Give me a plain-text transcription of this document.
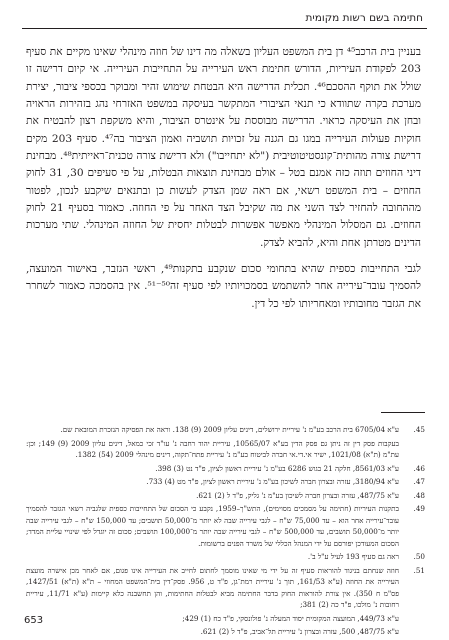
חתימה בשם רשות מקומית

בעניין בית הרכב⁴⁵ דן בית המשפט העליון בשאלה מה דינו של חוזה מינהלי שאינו מקיים את סעיף 203 לפקודת העיריות, הדורש חתימת ראש העירייה על התחייבות העירייה. אי קיום דרישה זו שולל את תוקף ההסכם⁴⁶. תכלית הדרישה היא הבטחת שימוש זהיר ומבוקר בכספי ציבור, יצירת מערכת בקרה שתוודא כי תנאי הציבורי המתקשר בעיסקה במשפט האזרחי נהג בזהירות הראויה ובחן את העיסקה כראוי. הדרישה מבוססת על אינטרס הציבור, והיא משקפת רצון להבטיח את חוקיות פעולות העירייה במגו גם הגנה על זכויות תושביה ואמון הציבור בה⁴⁷. סעיף 203 מקים דרישת צורה מהותית־קונסטיטוטיבית ("לא יתחייבו") ולא דרישת צורה טכנית־ראייתית⁴⁸. מבחינת דיני החוזים תוזה כזה אמנם בטל – אולם מבחינת תוצאות הבטלות, על פי סעיפים 30, 31 לחוק החוזים – בית המשפט רשאי, אם ראה שמן הצדק לעשות כן ובתנאים שיקבע לנכון, לפטור מההחובה להחזיר לצד השני את מה שקיבל הצד האחר על פי החוזה. כאמור בסעיף 21 לחוק החוזים. גם המסלול המינהלי מאפשר אפשרות לבטלות יחסית של החוזה המינהלי. שתי מערכות הדינים מטרתן אחת והיא, להביא לצדק.

לגבי התחייבות כספית שהיא בתחומי סכום שנקבע בתקנות⁴⁹, ראשי הגזבר, באישור המועצה, להסמיך עובד־עירייה אחר להשתמש בסמכויותיו לפי סעיף זה⁵¹⁻⁵⁰. אין בהסמכה כאמור לשחרר את הגזבר מחובותיו ומאחריותו לפי כל דין.

45.
ע"א 6705/04 בית הרכב בע"מ נ' עיריית ירושלים, דינים עליון 2009 (9) 138. וראה את הפסיקה הנזכרת המובאת שם.
בעקבות פסק דין זה ניתן גם פסק הדין בע"א 10565/07, עיריית יהוד רחבה נ' עו"ד זכי כמאל, דינים עליון 2009 (9) 149; וכן: עת"מ (ת"א) 1021/08, ישיר אי.די.אי חברה לביטוח בע"מ נ' עיריית פתח־תקוה, דינים מינהלי 2009 (54) 1382.
46.
ע"א 8561/03, חלקה 21 בגוש 6286 בע"מ נ' עיריית ראשון לציון, פ"ד נט (3) 398.
47.
ע"א 3180/94, עזרה ובצרון חברה לשיכון בע"מ נ' עיריית ראשון לציון, פ"ד מט (4) 733.
48.
ע"א 487/75, עזרה ובצרון חברה לשיכון בע"מ נ' גליק, פ"ד ל (2) 621.
49.
בתקנות העיריות (חתימה על מסמכים מסוימים), התש"ך–1959, נקבע כי הסכום של התחייבות כספית שלגביה רשאי הגזבר להסמיך עובד־עירייה אחר הוא – עד 75,000 ש"ח – לגבי עירייה שבה לא יותר מ־50,000 תושבים; עד 150,000 ש"ח – לגבי עירייה שבה יותר מ־50,000 תושבים, עד 500,000 ש"ח – לגבי עירייה שבה יותר מ־100,000 תושבים; סכום זה יוגדל לפי שינויי עליית המדד; הסכום המעודכן יפורסם על ידי המנהל הכללי של משרד הפנים ברשומות.
50.
ראה גם סעיף 193 לעיל ע"ל ב'.
51.
חוזה שנחתם בניגוד להוראות סעיף זה על ידי מי שאינו מוסמך לחתום לחייב את העירייה אינו פגום, אם לאחר מכן אישרה מועצת העירייה את החוזה (ע"א 161/53, תוך נ' עיריית רמת־גן, פ"ד ט, 956. פסק־דין בית־המשפט המחוזי – ת"א (ת"א) 1427/51, פס"מ ח 350). אין צורת להוראות החוק בדבר החתימה מביא לבטלות החתימות, והן תחשבנה כלא קיימות (ע"א 11/71, עיריית רחובות נ' מולכו, פ"ד כה (2) 381;
ע"א 449/73, המועצה המקומית יסוד המעלה נ' פולונסקי, פ"ד כח (1) 429;
ע"א 487/75, 500, עזרה ובצרון נ' עיריית תל־אביב, פ"ד ל (2) 621.
653
